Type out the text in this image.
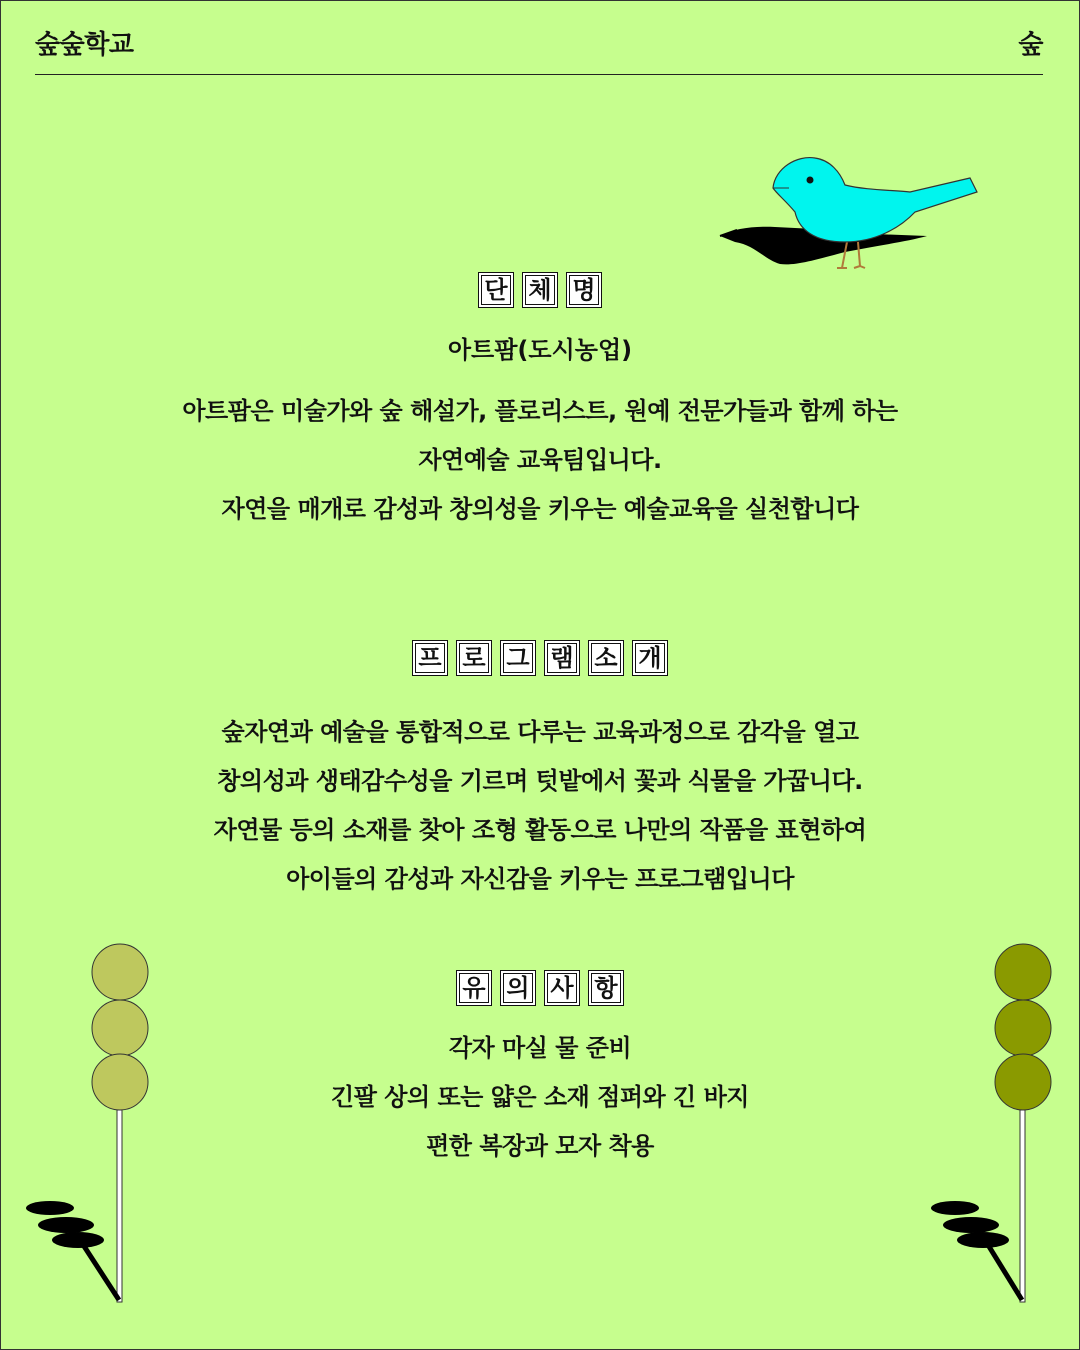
숲숲학교	숲
단 체 명
아트팜(도시농업)
아트팜은 미술가와 숲 해설가, 플로리스트, 원예 전문가들과 함께 하는
자연예술 교육팀입니다.
자연을 매개로 감성과 창의성을 키우는 예술교육을 실천합니다
프 로 그 램 소 개
숲자연과 예술을 통합적으로 다루는 교육과정으로 감각을 열고
창의성과 생태감수성을 기르며 텃밭에서 꽃과 식물을 가꿉니다.
자연물 등의 소재를 찾아 조형 활동으로 나만의 작품을 표현하여
아이들의 감성과 자신감을 키우는 프로그램입니다
유 의 사 항
각자 마실 물 준비
긴팔 상의 또는 얇은 소재 점퍼와 긴 바지
편한 복장과 모자 착용
